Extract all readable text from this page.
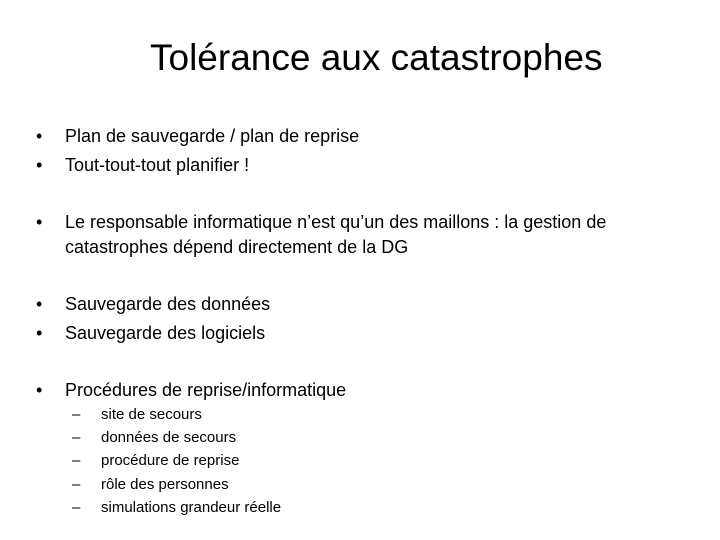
Tolérance aux catastrophes
• Plan de sauvegarde / plan de reprise
• Tout-tout-tout planifier !
• Le responsable informatique n’est qu’un des maillons : la gestion de
catastrophes dépend directement de la DG
• Sauvegarde des données
• Sauvegarde des logiciels
• Procédures de reprise/informatique
– site de secours
– données de secours
– procédure de reprise
– rôle des personnes
– simulations grandeur réelle
